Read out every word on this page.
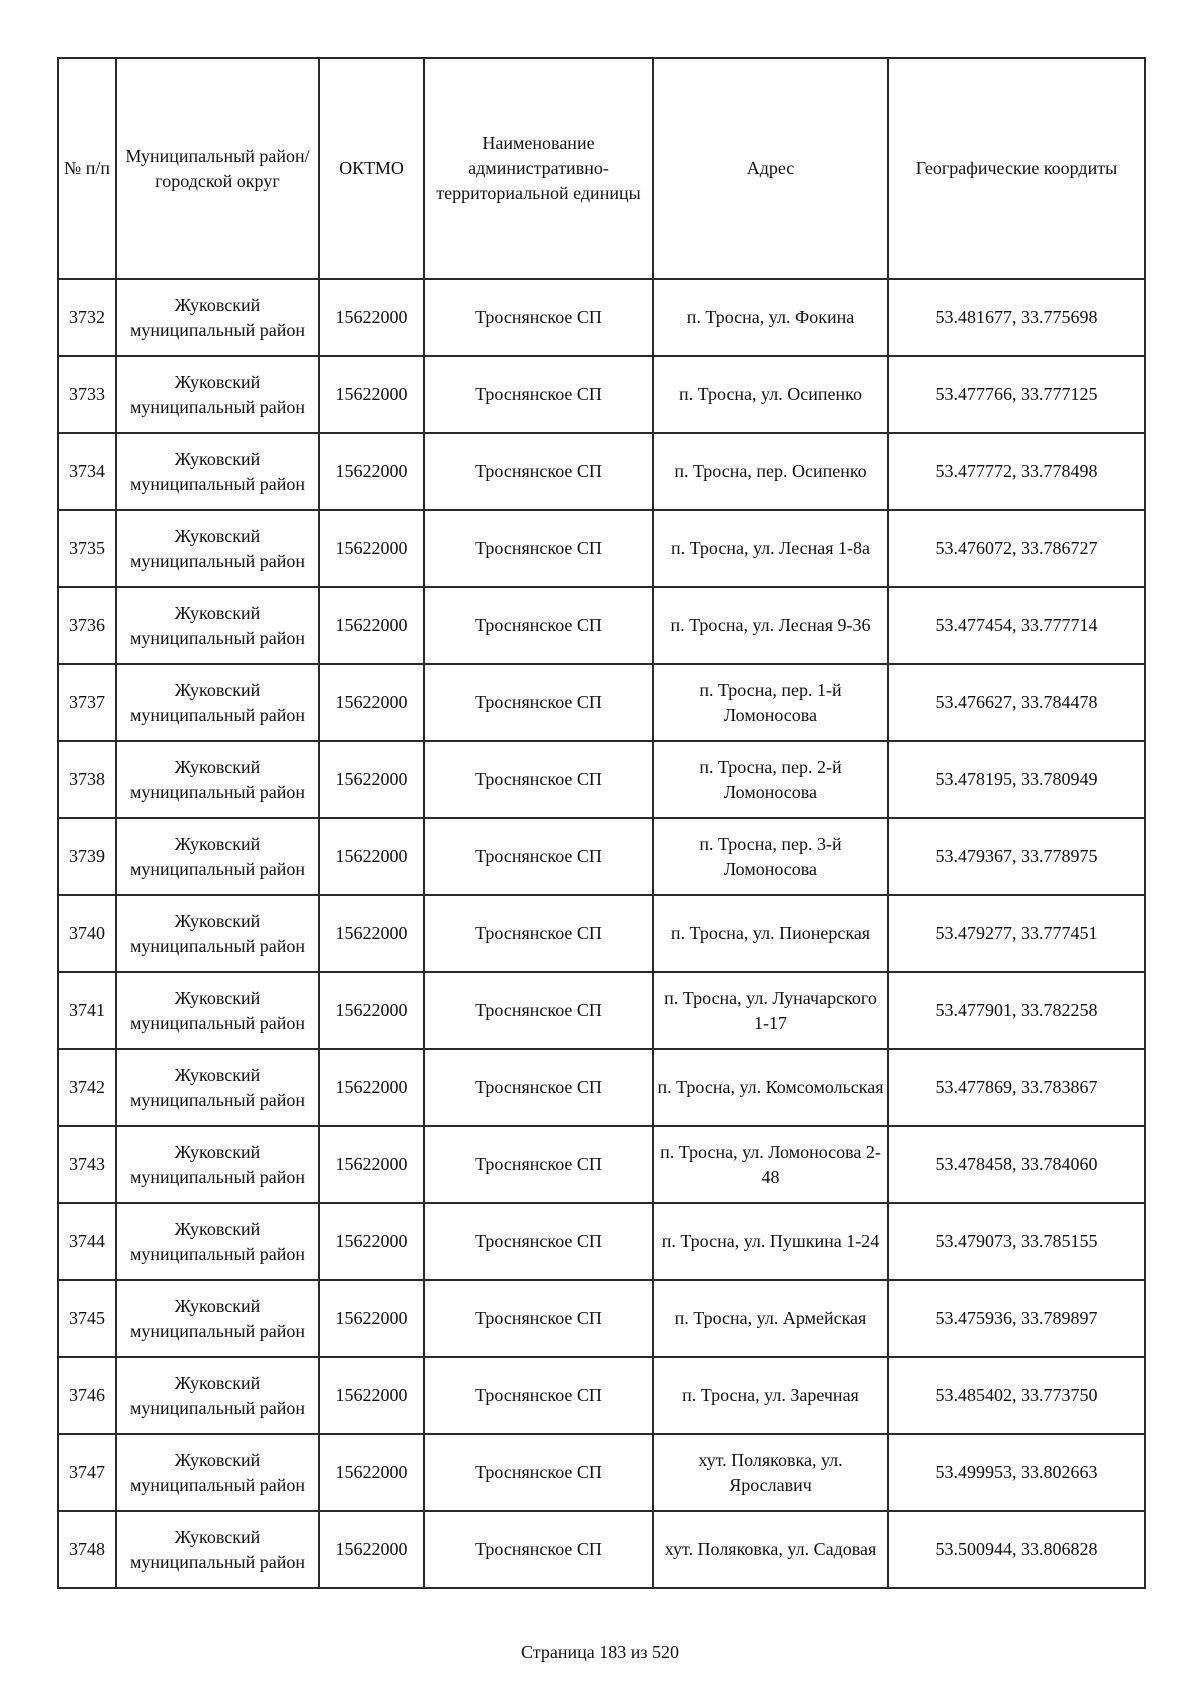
№ п/п	Муниципальный район/городской округ	ОКТМО	Наименование административно-территориальной единицы	Адрес	Географические коордиты
3732	Жуковский муниципальный район	15622000	Троснянское СП	п. Тросна, ул. Фокина	53.481677, 33.775698
3733	Жуковский муниципальный район	15622000	Троснянское СП	п. Тросна, ул. Осипенко	53.477766, 33.777125
3734	Жуковский муниципальный район	15622000	Троснянское СП	п. Тросна, пер. Осипенко	53.477772, 33.778498
3735	Жуковский муниципальный район	15622000	Троснянское СП	п. Тросна, ул. Лесная 1-8а	53.476072, 33.786727
3736	Жуковский муниципальный район	15622000	Троснянское СП	п. Тросна, ул. Лесная 9-36	53.477454, 33.777714
3737	Жуковский муниципальный район	15622000	Троснянское СП	п. Тросна, пер. 1-й Ломоносова	53.476627, 33.784478
3738	Жуковский муниципальный район	15622000	Троснянское СП	п. Тросна, пер. 2-й Ломоносова	53.478195, 33.780949
3739	Жуковский муниципальный район	15622000	Троснянское СП	п. Тросна, пер. 3-й Ломоносова	53.479367, 33.778975
3740	Жуковский муниципальный район	15622000	Троснянское СП	п. Тросна, ул. Пионерская	53.479277, 33.777451
3741	Жуковский муниципальный район	15622000	Троснянское СП	п. Тросна, ул. Луначарского 1-17	53.477901, 33.782258
3742	Жуковский муниципальный район	15622000	Троснянское СП	п. Тросна, ул. Комсомольская	53.477869, 33.783867
3743	Жуковский муниципальный район	15622000	Троснянское СП	п. Тросна, ул. Ломоносова 2-48	53.478458, 33.784060
3744	Жуковский муниципальный район	15622000	Троснянское СП	п. Тросна, ул. Пушкина 1-24	53.479073, 33.785155
3745	Жуковский муниципальный район	15622000	Троснянское СП	п. Тросна, ул. Армейская	53.475936, 33.789897
3746	Жуковский муниципальный район	15622000	Троснянское СП	п. Тросна, ул. Заречная	53.485402, 33.773750
3747	Жуковский муниципальный район	15622000	Троснянское СП	хут. Поляковка, ул. Ярославич	53.499953, 33.802663
3748	Жуковский муниципальный район	15622000	Троснянское СП	хут. Поляковка, ул. Садовая	53.500944, 33.806828
Страница 183 из 520
